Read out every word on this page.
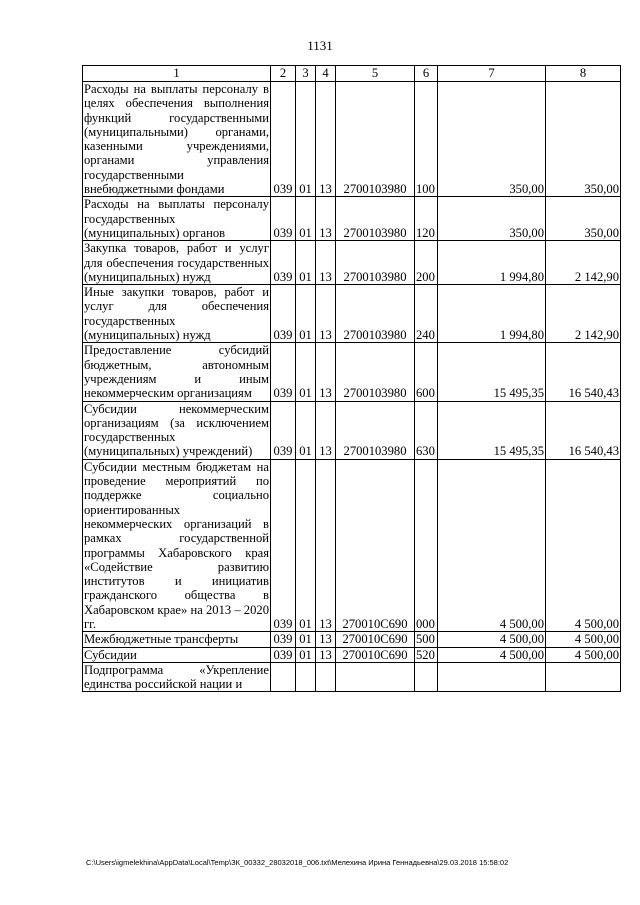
1131
1	2	3	4	5	6	7	8
Расходы на выплаты персоналу в целях обеспечения выполнения функций государственными (муниципальными) органами, казенными учреждениями, органами управления государственными внебюджетными фондами	039	01	13	2700103980	100	350,00	350,00
Расходы на выплаты персоналу государственных (муниципальных) органов	039	01	13	2700103980	120	350,00	350,00
Закупка товаров, работ и услуг для обеспечения государственных (муниципальных) нужд	039	01	13	2700103980	200	1 994,80	2 142,90
Иные закупки товаров, работ и услуг для обеспечения государственных (муниципальных) нужд	039	01	13	2700103980	240	1 994,80	2 142,90
Предоставление субсидий бюджетным, автономным учреждениям и иным некоммерческим организациям	039	01	13	2700103980	600	15 495,35	16 540,43
Субсидии некоммерческим организациям (за исключением государственных (муниципальных) учреждений)	039	01	13	2700103980	630	15 495,35	16 540,43
Субсидии местным бюджетам на проведение мероприятий по поддержке социально ориентированных некоммерческих организаций в рамках государственной программы Хабаровского края «Содействие развитию институтов и инициатив гражданского общества в Хабаровском крае» на 2013 – 2020 гг.	039	01	13	270010С690	000	4 500,00	4 500,00
Межбюджетные трансферты	039	01	13	270010С690	500	4 500,00	4 500,00
Субсидии	039	01	13	270010С690	520	4 500,00	4 500,00
Подпрограмма «Укрепление единства российской нации и							
C:\Users\igmelekhina\AppData\Local\Temp\ЗК_00332_28032018_006.txt\Мелехина Ирина Геннадьевна\29.03.2018 15:58:02
